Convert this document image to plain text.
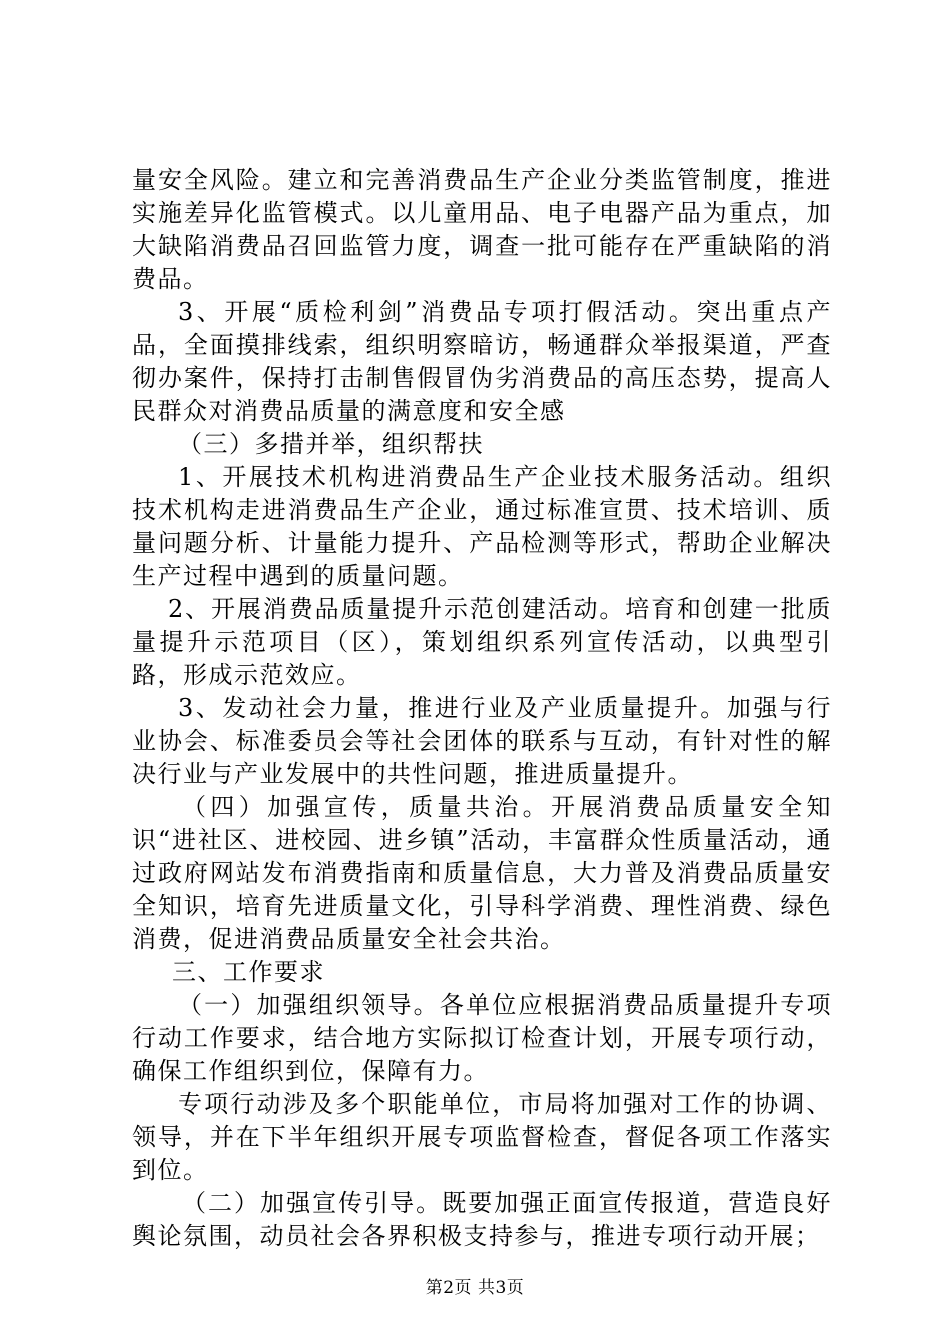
量安全风险。建立和完善消费品生产企业分类监管制度，推进实施差异化监管模式。以儿童用品、电子电器产品为重点，加大缺陷消费品召回监管力度，调查一批可能存在严重缺陷的消费品。

3、开展“质检利剑”消费品专项打假活动。突出重点产品，全面摸排线索，组织明察暗访，畅通群众举报渠道，严查彻办案件，保持打击制售假冒伪劣消费品的高压态势，提高人民群众对消费品质量的满意度和安全感

（三）多措并举，组织帮扶

1、开展技术机构进消费品生产企业技术服务活动。组织技术机构走进消费品生产企业，通过标准宣贯、技术培训、质量问题分析、计量能力提升、产品检测等形式，帮助企业解决生产过程中遇到的质量问题。

2、开展消费品质量提升示范创建活动。培育和创建一批质量提升示范项目（区），策划组织系列宣传活动，以典型引路，形成示范效应。

3、发动社会力量，推进行业及产业质量提升。加强与行业协会、标准委员会等社会团体的联系与互动，有针对性的解决行业与产业发展中的共性问题，推进质量提升。

（四）加强宣传，质量共治。开展消费品质量安全知识“进社区、进校园、进乡镇”活动，丰富群众性质量活动，通过政府网站发布消费指南和质量信息，大力普及消费品质量安全知识，培育先进质量文化，引导科学消费、理性消费、绿色消费，促进消费品质量安全社会共治。

三、工作要求

（一）加强组织领导。各单位应根据消费品质量提升专项行动工作要求，结合地方实际拟订检查计划，开展专项行动，确保工作组织到位，保障有力。

专项行动涉及多个职能单位，市局将加强对工作的协调、领导，并在下半年组织开展专项监督检查，督促各项工作落实到位。

（二）加强宣传引导。既要加强正面宣传报道，营造良好舆论氛围，动员社会各界积极支持参与，推进专项行动开展；

第2页 共3页
